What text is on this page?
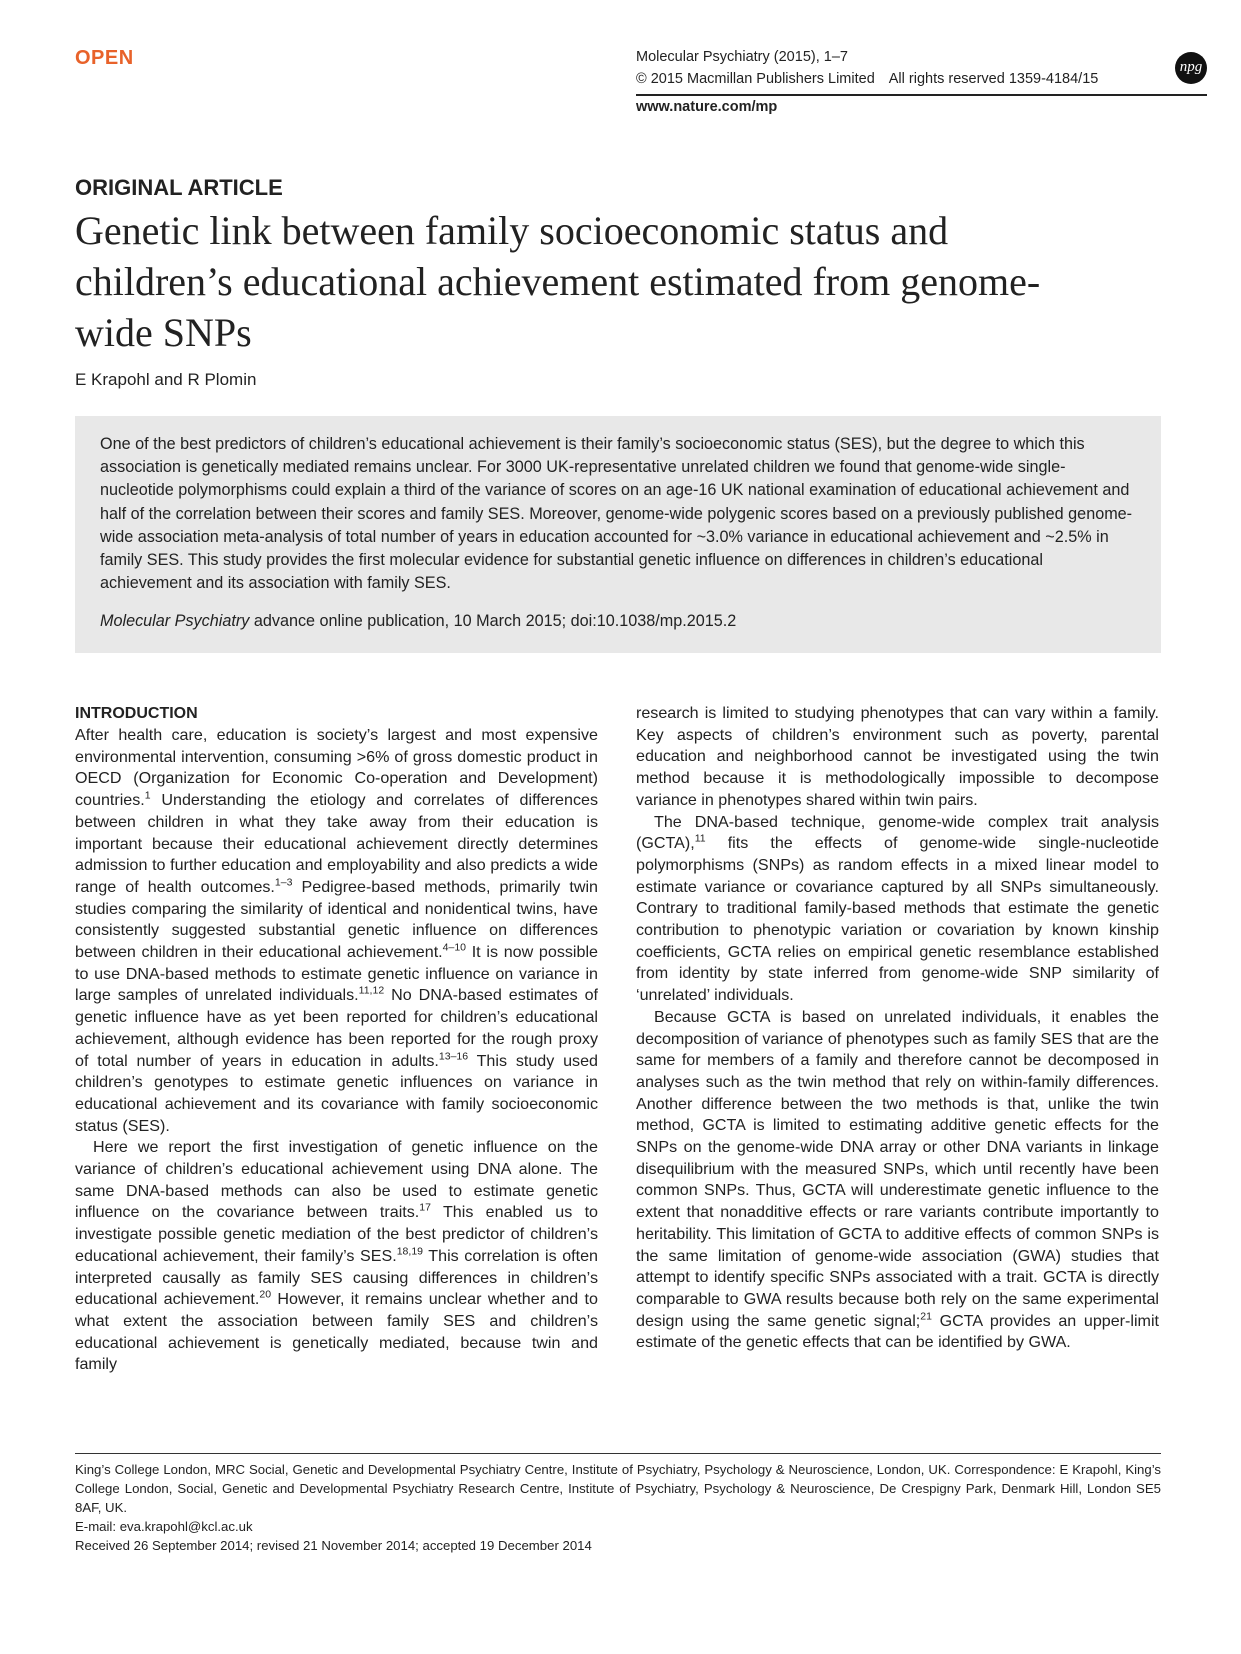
OPEN	Molecular Psychiatry (2015), 1–7
© 2015 Macmillan Publishers Limited All rights reserved 1359-4184/15
npg
www.nature.com/mp
ORIGINAL ARTICLE
Genetic link between family socioeconomic status and children’s educational achievement estimated from genome-wide SNPs
E Krapohl and R Plomin

One of the best predictors of children’s educational achievement is their family’s socioeconomic status (SES), but the degree to which this association is genetically mediated remains unclear. For 3000 UK-representative unrelated children we found that genome-wide single-nucleotide polymorphisms could explain a third of the variance of scores on an age-16 UK national examination of educational achievement and half of the correlation between their scores and family SES. Moreover, genome-wide polygenic scores based on a previously published genome-wide association meta-analysis of total number of years in education accounted for ~3.0% variance in educational achievement and ~2.5% in family SES. This study provides the first molecular evidence for substantial genetic influence on differences in children’s educational achievement and its association with family SES.

Molecular Psychiatry advance online publication, 10 March 2015; doi:10.1038/mp.2015.2
INTRODUCTION

After health care, education is society’s largest and most expensive environmental intervention, consuming >6% of gross domestic product in OECD (Organization for Economic Co-operation and Development) countries.$^1$ Understanding the etiology and correlates of differences between children in what they take away from their education is important because their educational achievement directly determines admission to further education and employability and also predicts a wide range of health outcomes.$^{1-3}$ Pedigree-based methods, primarily twin studies comparing the similarity of identical and nonidentical twins, have consistently suggested substantial genetic influence on differences between children in their educational achievement.$^{4-10}$ It is now possible to use DNA-based methods to estimate genetic influence on variance in large samples of unrelated individuals.$^{11,12}$ No DNA-based estimates of genetic influence have as yet been reported for children’s educational achievement, although evidence has been reported for the rough proxy of total number of years in education in adults.$^{13-16}$ This study used children’s genotypes to estimate genetic influences on variance in educational achievement and its covariance with family socioeconomic status (SES).

Here we report the first investigation of genetic influence on the variance of children’s educational achievement using DNA alone. The same DNA-based methods can also be used to estimate genetic influence on the covariance between traits.$^{17}$ This enabled us to investigate possible genetic mediation of the best predictor of children’s educational achievement, their family’s SES.$^{18,19}$ This correlation is often interpreted causally as family SES causing differences in children’s educational achievement.$^{20}$ However, it remains unclear whether and to what extent the association between family SES and children’s educational achievement is genetically mediated, because twin and family

research is limited to studying phenotypes that can vary within a family. Key aspects of children’s environment such as poverty, parental education and neighborhood cannot be investigated using the twin method because it is methodologically impossible to decompose variance in phenotypes shared within twin pairs.

The DNA-based technique, genome-wide complex trait analysis (GCTA),$^{11}$ fits the effects of genome-wide single-nucleotide polymorphisms (SNPs) as random effects in a mixed linear model to estimate variance or covariance captured by all SNPs simultaneously. Contrary to traditional family-based methods that estimate the genetic contribution to phenotypic variation or covariation by known kinship coefficients, GCTA relies on empirical genetic resemblance established from identity by state inferred from genome-wide SNP similarity of ‘unrelated’ individuals.

Because GCTA is based on unrelated individuals, it enables the decomposition of variance of phenotypes such as family SES that are the same for members of a family and therefore cannot be decomposed in analyses such as the twin method that rely on within-family differences. Another difference between the two methods is that, unlike the twin method, GCTA is limited to estimating additive genetic effects for the SNPs on the genome-wide DNA array or other DNA variants in linkage disequilibrium with the measured SNPs, which until recently have been common SNPs. Thus, GCTA will underestimate genetic influence to the extent that nonadditive effects or rare variants contribute importantly to heritability. This limitation of GCTA to additive effects of common SNPs is the same limitation of genome-wide association (GWA) studies that attempt to identify specific SNPs associated with a trait. GCTA is directly comparable to GWA results because both rely on the same experimental design using the same genetic signal;$^{21}$ GCTA provides an upper-limit estimate of the genetic effects that can be identified by GWA.

King’s College London, MRC Social, Genetic and Developmental Psychiatry Centre, Institute of Psychiatry, Psychology & Neuroscience, London, UK. Correspondence: E Krapohl, King’s College London, Social, Genetic and Developmental Psychiatry Research Centre, Institute of Psychiatry, Psychology & Neuroscience, De Crespigny Park, Denmark Hill, London SE5 8AF, UK.

E-mail: eva.krapohl@kcl.ac.uk

Received 26 September 2014; revised 21 November 2014; accepted 19 December 2014
